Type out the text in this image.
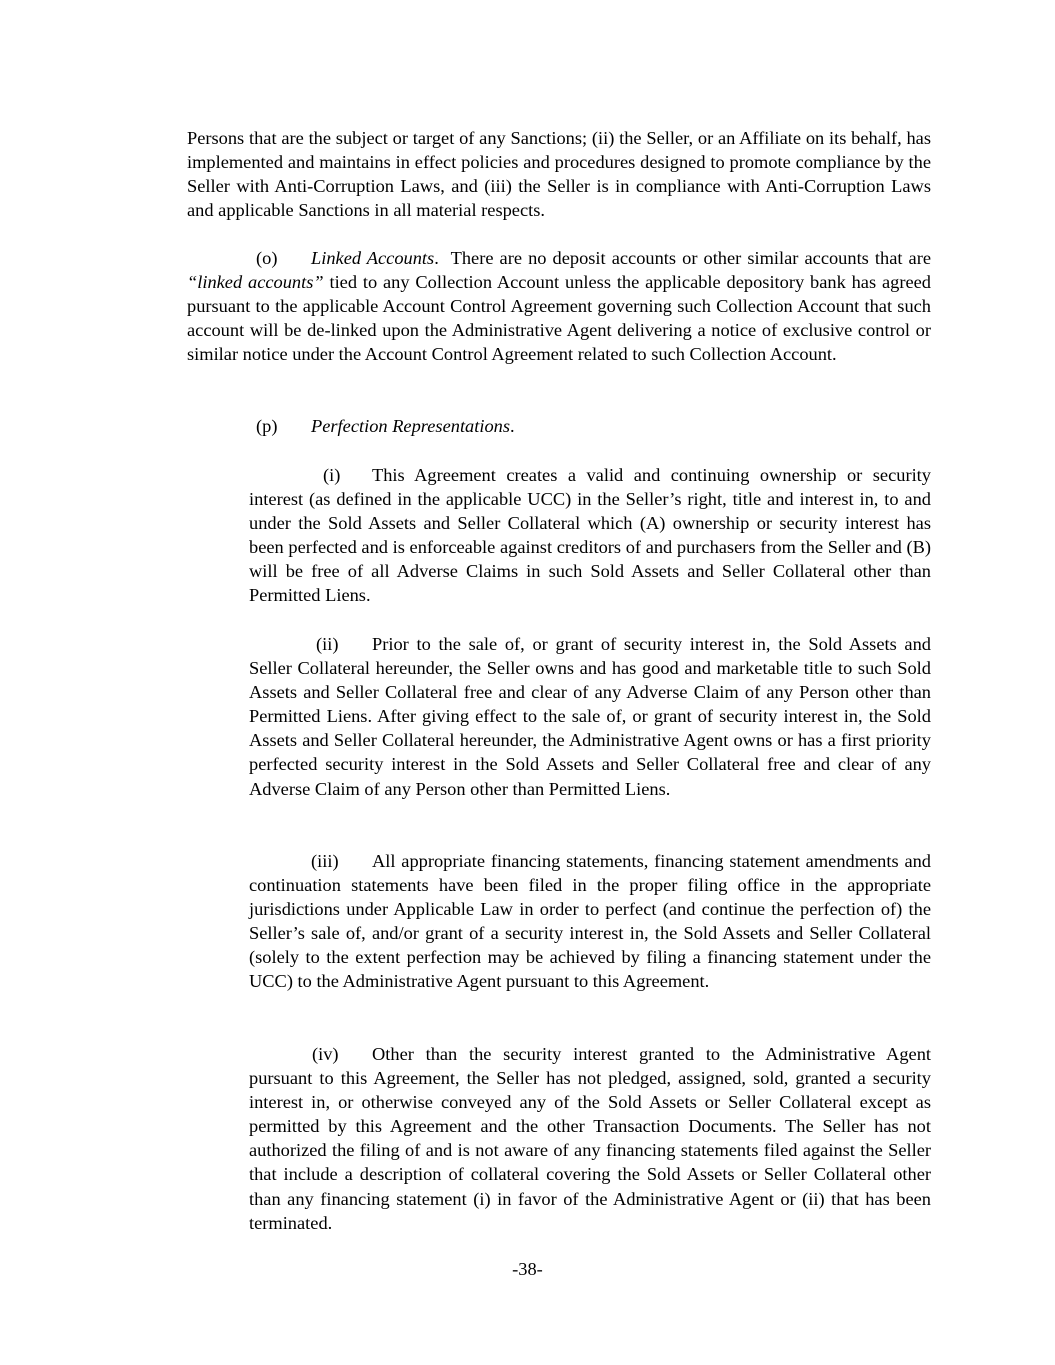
Persons that are the subject or target of any Sanctions; (ii) the Seller, or an Affiliate on its behalf, has implemented and maintains in effect policies and procedures designed to promote compliance by the Seller with Anti-Corruption Laws, and (iii) the Seller is in compliance with Anti-Corruption Laws and applicable Sanctions in all material respects.

(o) Linked Accounts.  There are no deposit accounts or other similar accounts that are “linked accounts” tied to any Collection Account unless the applicable depository bank has agreed pursuant to the applicable Account Control Agreement governing such Collection Account that such account will be de-linked upon the Administrative Agent delivering a notice of exclusive control or similar notice under the Account Control Agreement related to such Collection Account.

(p) Perfection Representations.

(i) This Agreement creates a valid and continuing ownership or security interest (as defined in the applicable UCC) in the Seller’s right, title and interest in, to and under the Sold Assets and Seller Collateral which (A) ownership or security interest has been perfected and is enforceable against creditors of and purchasers from the Seller and (B) will be free of all Adverse Claims in such Sold Assets and Seller Collateral other than Permitted Liens.

(ii) Prior to the sale of, or grant of security interest in, the Sold Assets and Seller Collateral hereunder, the Seller owns and has good and marketable title to such Sold Assets and Seller Collateral free and clear of any Adverse Claim of any Person other than Permitted Liens. After giving effect to the sale of, or grant of security interest in, the Sold Assets and Seller Collateral hereunder, the Administrative Agent owns or has a first priority perfected security interest in the Sold Assets and Seller Collateral free and clear of any Adverse Claim of any Person other than Permitted Liens.

(iii) All appropriate financing statements, financing statement amendments and continuation statements have been filed in the proper filing office in the appropriate jurisdictions under Applicable Law in order to perfect (and continue the perfection of) the Seller’s sale of, and/or grant of a security interest in, the Sold Assets and Seller Collateral (solely to the extent perfection may be achieved by filing a financing statement under the UCC) to the Administrative Agent pursuant to this Agreement.

(iv) Other than the security interest granted to the Administrative Agent pursuant to this Agreement, the Seller has not pledged, assigned, sold, granted a security interest in, or otherwise conveyed any of the Sold Assets or Seller Collateral except as permitted by this Agreement and the other Transaction Documents. The Seller has not authorized the filing of and is not aware of any financing statements filed against the Seller that include a description of collateral covering the Sold Assets or Seller Collateral other than any financing statement (i) in favor of the Administrative Agent or (ii) that has been terminated.

-38-
